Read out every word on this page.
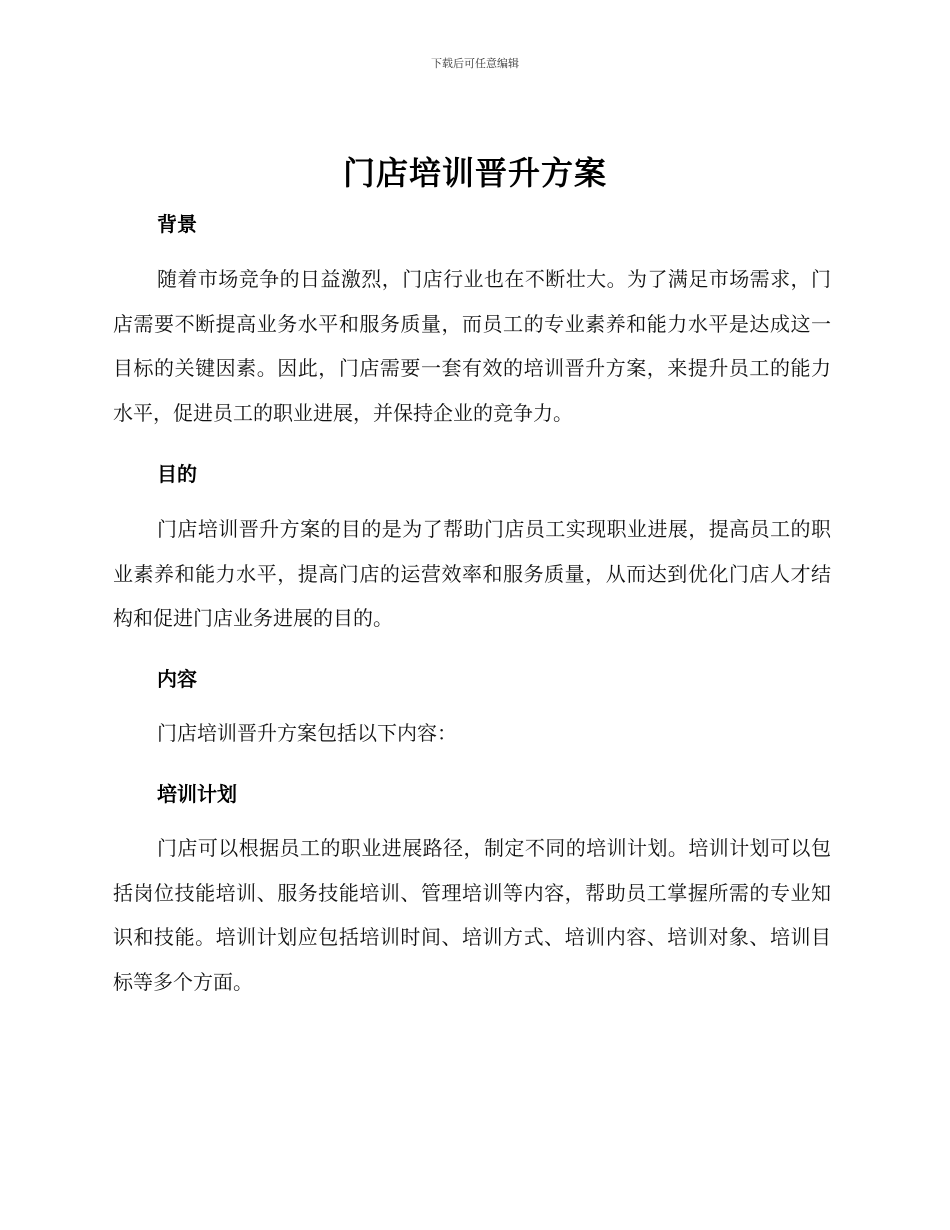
下载后可任意编辑
门店培训晋升方案
背景

随着市场竞争的日益激烈，门店行业也在不断壮大。为了满足市场需求，门店需要不断提高业务水平和服务质量，而员工的专业素养和能力水平是达成这一目标的关键因素。因此，门店需要一套有效的培训晋升方案，来提升员工的能力水平，促进员工的职业进展，并保持企业的竞争力。

目的

门店培训晋升方案的目的是为了帮助门店员工实现职业进展，提高员工的职业素养和能力水平，提高门店的运营效率和服务质量，从而达到优化门店人才结构和促进门店业务进展的目的。

内容

门店培训晋升方案包括以下内容：

培训计划

门店可以根据员工的职业进展路径，制定不同的培训计划。培训计划可以包括岗位技能培训、服务技能培训、管理培训等内容，帮助员工掌握所需的专业知识和技能。培训计划应包括培训时间、培训方式、培训内容、培训对象、培训目标等多个方面。
